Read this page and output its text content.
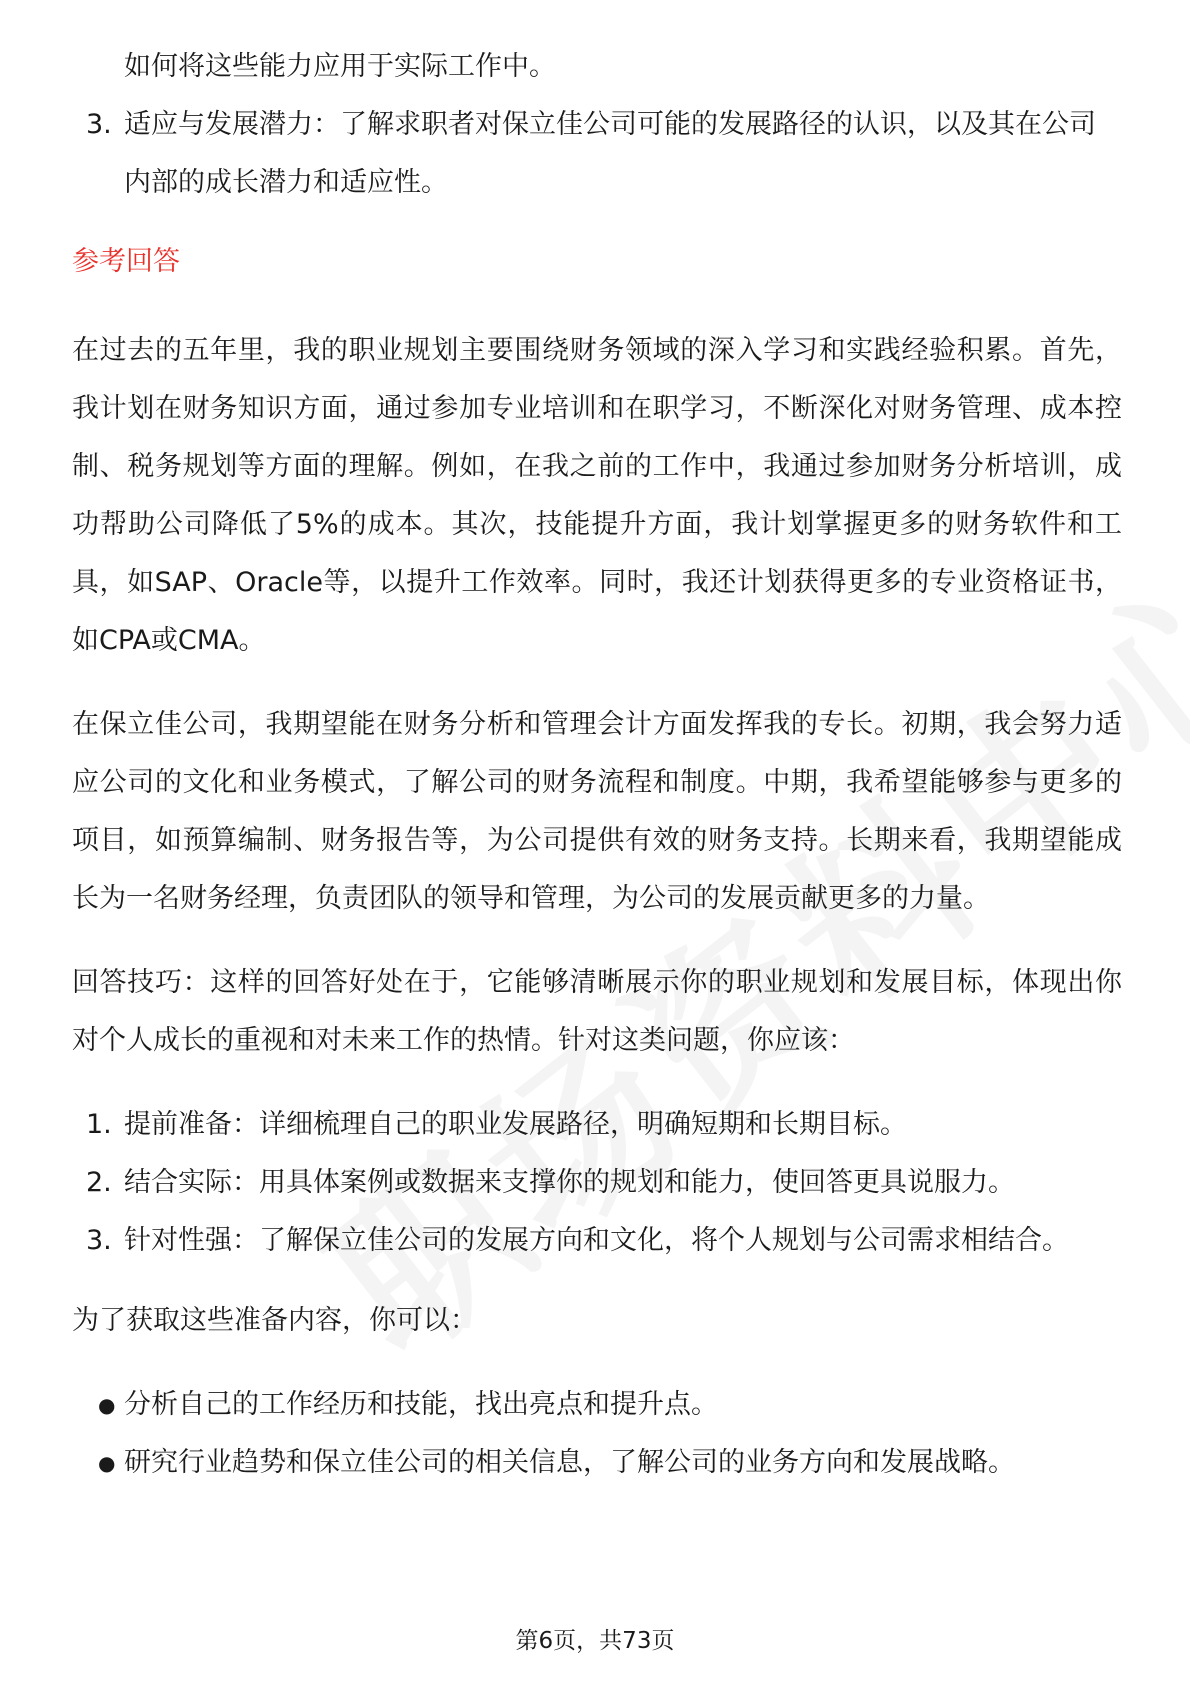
如何将这些能力应用于实际工作中。
3. 适应与发展潜力：了解求职者对保立佳公司可能的发展路径的认识，以及其在公司内部的成长潜力和适应性。
参考回答

在过去的五年里，我的职业规划主要围绕财务领域的深入学习和实践经验积累。首先，我计划在财务知识方面，通过参加专业培训和在职学习，不断深化对财务管理、成本控制、税务规划等方面的理解。例如，在我之前的工作中，我通过参加财务分析培训，成功帮助公司降低了5%的成本。其次，技能提升方面，我计划掌握更多的财务软件和工具，如SAP、Oracle等，以提升工作效率。同时，我还计划获得更多的专业资格证书，如CPA或CMA。

在保立佳公司，我期望能在财务分析和管理会计方面发挥我的专长。初期，我会努力适应公司的文化和业务模式，了解公司的财务流程和制度。中期，我希望能够参与更多的项目，如预算编制、财务报告等，为公司提供有效的财务支持。长期来看，我期望能成长为一名财务经理，负责团队的领导和管理，为公司的发展贡献更多的力量。

回答技巧：这样的回答好处在于，它能够清晰展示你的职业规划和发展目标，体现出你对个人成长的重视和对未来工作的热情。针对这类问题，你应该：

1. 提前准备：详细梳理自己的职业发展路径，明确短期和长期目标。
2. 结合实际：用具体案例或数据来支撑你的规划和能力，使回答更具说服力。
3. 针对性强：了解保立佳公司的发展方向和文化，将个人规划与公司需求相结合。

为了获取这些准备内容，你可以：

● 分析自己的工作经历和技能，找出亮点和提升点。
● 研究行业趋势和保立佳公司的相关信息，了解公司的业务方向和发展战略。
第6页，共73页
